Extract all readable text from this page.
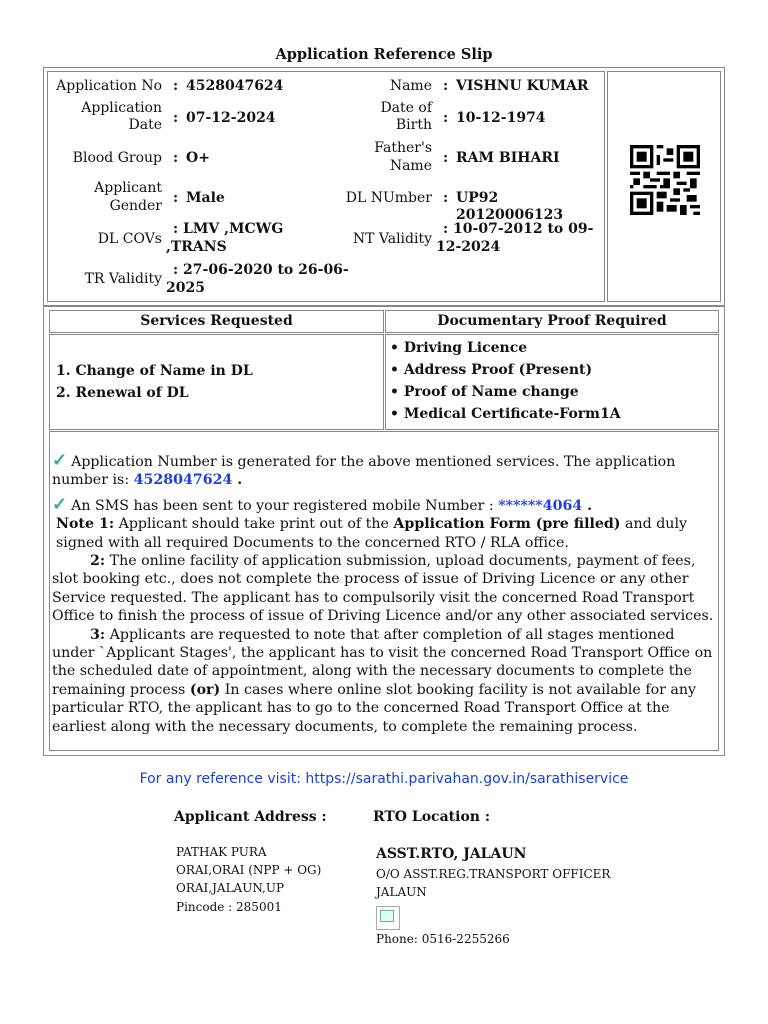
Application Reference Slip
Application No : 4528047624
Application
Date : 07-12-2024
Blood Group : O+
Applicant
Gender : Male
DL COVs
: LMV ,MCWG
,TRANS
TR Validity
: 27-06-2020 to 26-06-
2025
Name : VISHNU KUMAR
Date of
Birth : 10-12-1974
Father's
Name : RAM BIHARI
DL NUmber : UP92 20120006123
NT Validity
: 10-07-2012 to 09-
12-2024
Services Requested	Documentary Proof Required
1. Change of Name in DL
2. Renewal of DL
• Driving Licence
• Address Proof (Present)
• Proof of Name change
• Medical Certificate-Form1A
✓ Application Number is generated for the above mentioned services. The application number is: 4528047624 .
✓ An SMS has been sent to your registered mobile Number : ******4064 .
Note 1: Applicant should take print out of the Application Form (pre filled) and duly signed with all required Documents to the concerned RTO / RLA office.
2: The online facility of application submission, upload documents, payment of fees, slot booking etc., does not complete the process of issue of Driving Licence or any other Service requested. The applicant has to compulsorily visit the concerned Road Transport Office to finish the process of issue of Driving Licence and/or any other associated services.
3: Applicants are requested to note that after completion of all stages mentioned under `Applicant Stages', the applicant has to visit the concerned Road Transport Office on the scheduled date of appointment, along with the necessary documents to complete the remaining process (or) In cases where online slot booking facility is not available for any particular RTO, the applicant has to go to the concerned Road Transport Office at the earliest along with the necessary documents, to complete the remaining process.
For any reference visit: https://sarathi.parivahan.gov.in/sarathiservice
Applicant Address :	RTO Location :
PATHAK PURA
ORAI,ORAI (NPP + OG)
ORAI,JALAUN,UP
Pincode : 285001
ASST.RTO, JALAUN
O/O ASST.REG.TRANSPORT OFFICER
JALAUN
Phone: 0516-2255266
